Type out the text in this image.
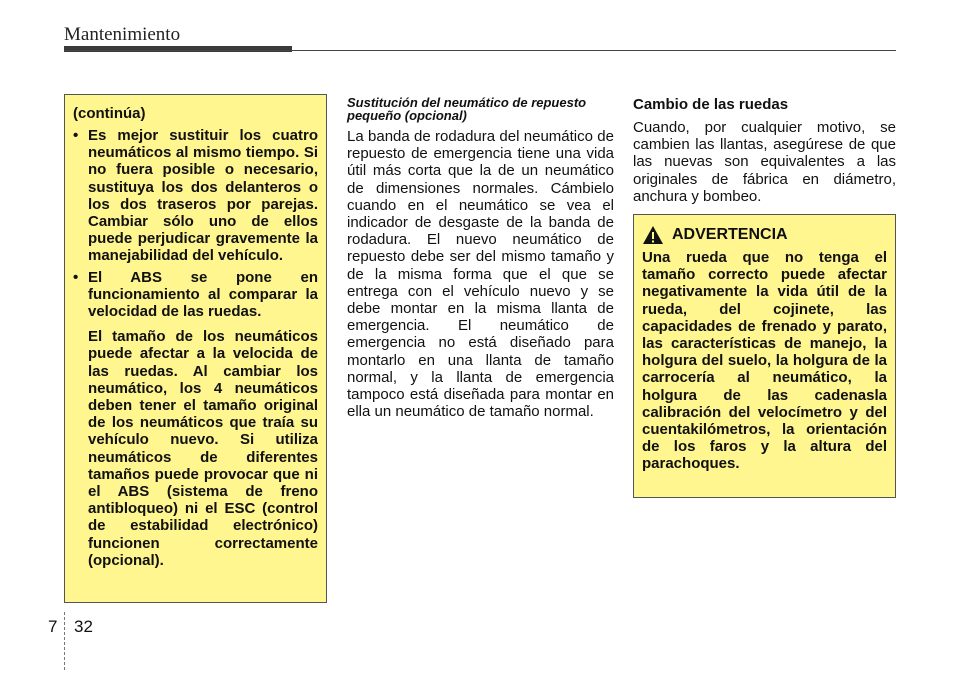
Mantenimiento

(continúa)

• Es mejor sustituir los cuatro neumáticos al mismo tiempo. Si no fuera posible o necesario, sustituya los dos delanteros o los dos traseros por parejas. Cambiar sólo uno de ellos puede perjudicar gravemente la manejabilidad del vehículo.
• El ABS se pone en funcionamiento al comparar la velocidad de las ruedas.

El tamaño de los neumáticos puede afectar a la velocida de las ruedas. Al cambiar los neumático, los 4 neumáticos deben tener el tamaño original de los neumáticos que traía su vehículo nuevo. Si utiliza neumáticos de diferentes tamaños puede provocar que ni el ABS (sistema de freno antibloqueo) ni el ESC (control de estabilidad electrónico) funcionen correctamente (opcional).

Sustitución del neumático de repuesto pequeño (opcional)

La banda de rodadura del neumático de repuesto de emergencia tiene una vida útil más corta que la de un neumático de dimensiones normales. Cámbielo cuando en el neumático se vea el indicador de desgaste de la banda de rodadura. El nuevo neumático de repuesto debe ser del mismo tamaño y de la misma forma que el que se entrega con el vehículo nuevo y se debe montar en la misma llanta de emergencia. El neumático de emergencia no está diseñado para montarlo en una llanta de tamaño normal, y la llanta de emergencia tampoco está diseñada para montar en ella un neumático de tamaño normal.

Cambio de las ruedas

Cuando, por cualquier motivo, se cambien las llantas, asegúrese de que las nuevas son equivalentes a las originales de fábrica en diámetro, anchura y bombeo.

ADVERTENCIA

Una rueda que no tenga el tamaño correcto puede afectar negativamente la vida útil de la rueda, del cojinete, las capacidades de frenado y parato, las características de manejo, la holgura del suelo, la holgura de la carrocería al neumático, la holgura de las cadenasla calibración del velocímetro y del cuentakilómetros, la orientación de los faros y la altura del parachoques.

7 32
